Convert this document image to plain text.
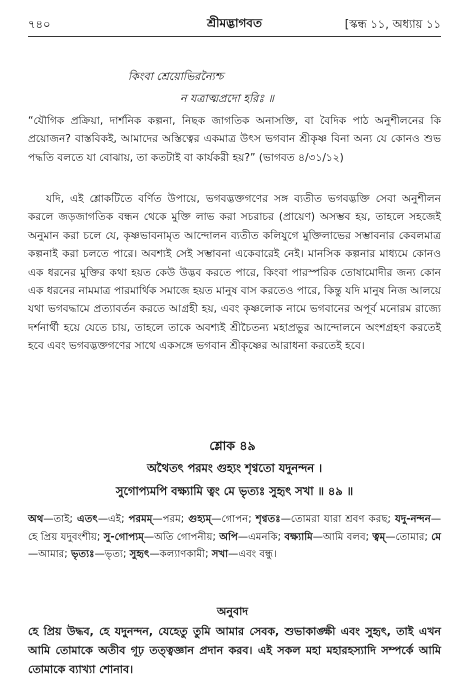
৭৪০	শ্রীমদ্ভাগবত	[স্কন্ধ ১১, অধ্যায় ১১
কিংবা শ্রেয়োভিরন্যৈশ্চ
ন যত্রাত্মপ্রদো হরিঃ ॥

“যৌগিক প্রক্রিয়া, দার্শনিক কল্পনা, নিছক জাগতিক অনাসক্তি, বা বৈদিক পাঠ অনুশীলনের কি প্রয়োজন? বাস্তবিকই, আমাদের অস্তিত্বের একমাত্র উৎস ভগবান শ্রীকৃষ্ণ বিনা অন্য যে কোনও শুভ পদ্ধতি বলতে যা বোঝায়, তা কতটাই বা কার্যকরী হয়?” (ভাগবত ৪/৩১/১২)

যদি, এই শ্লোকটিতে বর্ণিত উপায়ে, ভগবদ্ভক্তগণের সঙ্গ ব্যতীত ভগবদ্ভক্তি সেবা অনুশীলন করলে জড়জাগতিক বন্ধন থেকে মুক্তি লাভ করা সচরাচর (প্রায়েণ) অসম্ভব হয়, তাহলে সহজেই অনুমান করা চলে যে, কৃষ্ণভাবনামৃত আন্দোলন ব্যতীত কলিযুগে মুক্তিলাভের সম্ভাবনার কেবলমাত্র কল্পনাই করা চলতে পারে। অবশ্যই সেই সম্ভাবনা একেবারেই নেই। মানসিক কল্পনার মাধ্যমে কোনও এক ধরনের মুক্তির কথা হয়ত কেউ উদ্ভব করতে পারে, কিংবা পারস্পরিক তোষামোদীর জন্য কোন এক ধরনের নামমাত্র পারমার্থিক সমাজে হয়ত মানুষ বাস করতেও পারে, কিন্তু যদি মানুষ নিজ আলয়ে যথা ভগবদ্ধামে প্রত্যাবর্তন করতে আগ্রহী হয়, এবং কৃষ্ণলোক নামে ভগবানের অপূর্ব মনোরম রাজ্যে দর্শনার্থী হয়ে যেতে চায়, তাহলে তাকে অবশ্যই শ্রীচৈতন্য মহাপ্রভুর আন্দোলনে অংশগ্রহণ করতেই হবে এবং ভগবদ্ভক্তগণের সাথে একসঙ্গে ভগবান শ্রীকৃষ্ণের আরাধনা করতেই হবে।

শ্লোক ৪৯
অথৈতৎ পরমং গুহ্যং শৃণ্বতো যদুনন্দন ।
সুগোপ্যমপি বক্ষ্যামি ত্বং মে ভৃত্যঃ সুহৃৎ সখা ॥ ৪৯ ॥
অথ—তাই; এতৎ—এই; পরমম্—পরম; গুহ্যম্—গোপন; শৃণ্বতঃ—তোমরা যারা শ্রবণ করছ; যদু-নন্দন—হে প্রিয় যদুবংশীয়; সু-গোপ্যম্—অতি গোপনীয়; অপি—এমনকি; বক্ষ্যামি—আমি বলব; ত্বম্—তোমার; মে—আমার; ভৃত্যঃ—ভৃত্য; সুহৃৎ—কল্যাণকামী; সখা—এবং বন্ধু।
অনুবাদ

হে প্রিয় উদ্ধব, হে যদুনন্দন, যেহেতু তুমি আমার সেবক, শুভাকাঙ্ক্ষী এবং সুহৃৎ, তাই এখন আমি তোমাকে অতীব গূঢ় তত্ত্বজ্ঞান প্রদান করব। এই সকল মহা মহারহস্যাদি সম্পর্কে আমি তোমাকে ব্যাখ্যা শোনাব।
